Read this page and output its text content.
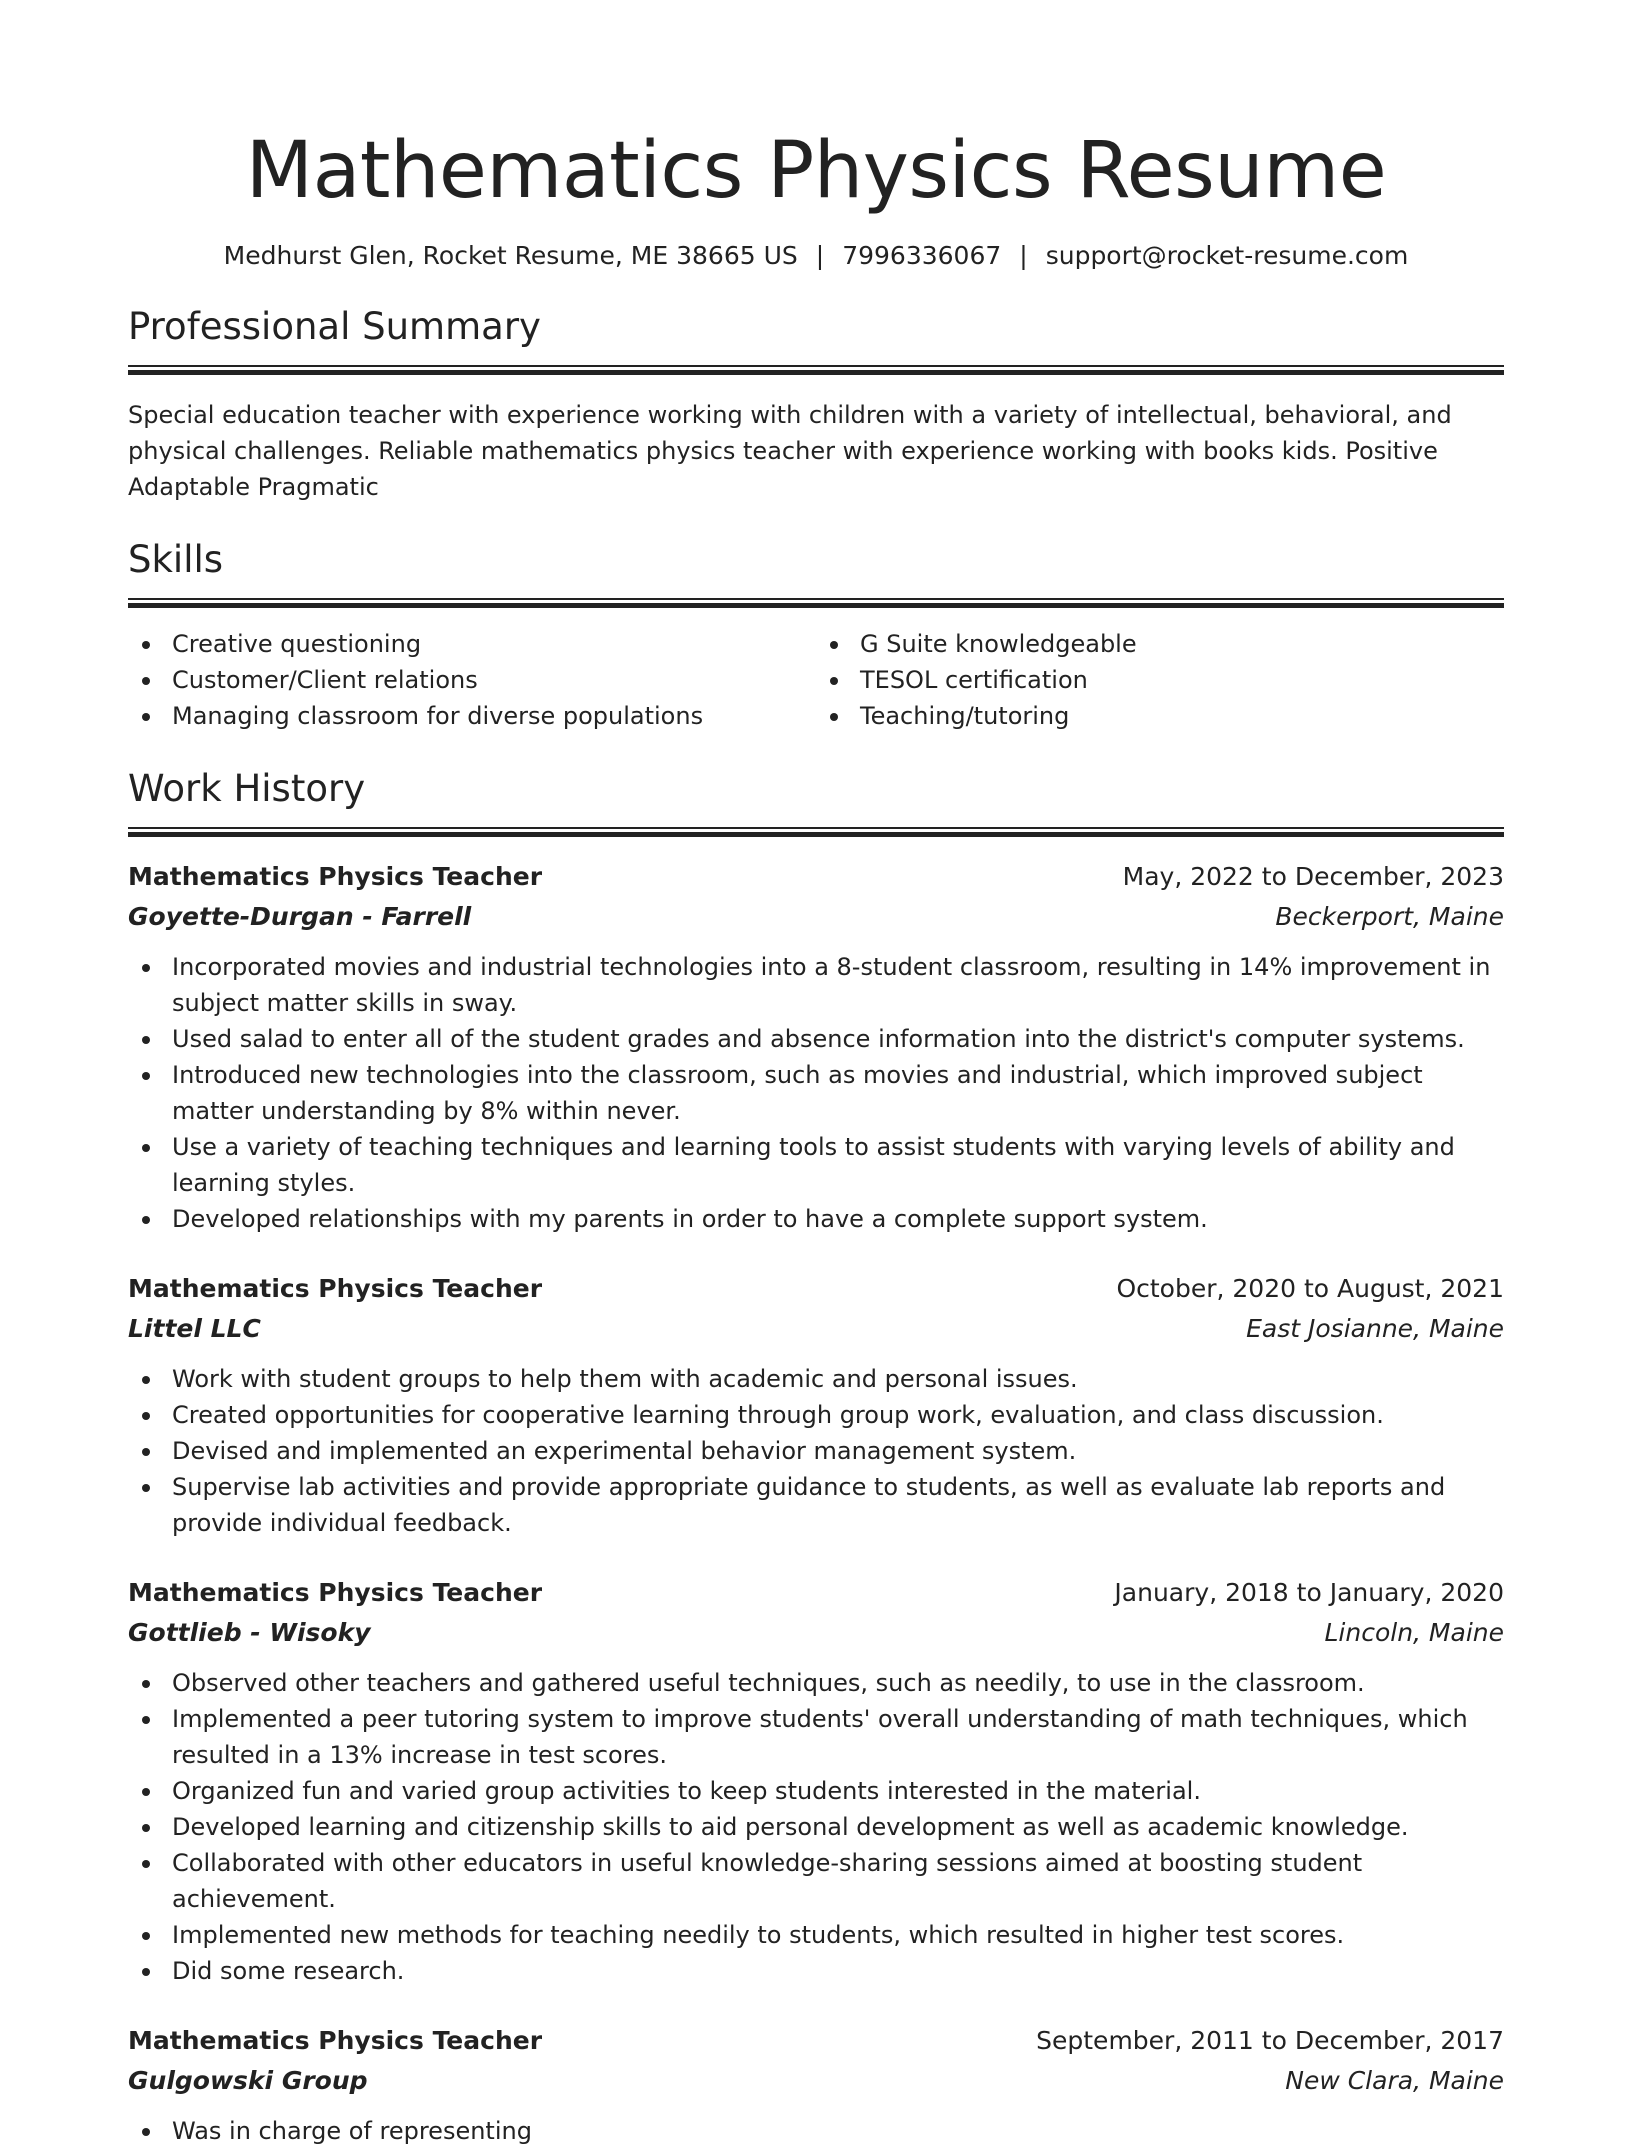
Mathematics Physics Resume
Medhurst Glen, Rocket Resume, ME 38665 US | 7996336067 | support@rocket-resume.com
Professional Summary

Special education teacher with experience working with children with a variety of intellectual, behavioral, and physical challenges. Reliable mathematics physics teacher with experience working with books kids. Positive Adaptable Pragmatic

Skills
Creative questioning
Customer/Client relations
Managing classroom for diverse populations
G Suite knowledgeable
TESOL certification
Teaching/tutoring
Work History
Mathematics Physics Teacher	May, 2022 to December, 2023
Goyette-Durgan - Farrell	Beckerport, Maine
Incorporated movies and industrial technologies into a 8-student classroom, resulting in 14% improvement in subject matter skills in sway.
Used salad to enter all of the student grades and absence information into the district's computer systems.
Introduced new technologies into the classroom, such as movies and industrial, which improved subject matter understanding by 8% within never.
Use a variety of teaching techniques and learning tools to assist students with varying levels of ability and learning styles.
Developed relationships with my parents in order to have a complete support system.
Mathematics Physics Teacher	October, 2020 to August, 2021
Littel LLC	East Josianne, Maine
Work with student groups to help them with academic and personal issues.
Created opportunities for cooperative learning through group work, evaluation, and class discussion.
Devised and implemented an experimental behavior management system.
Supervise lab activities and provide appropriate guidance to students, as well as evaluate lab reports and provide individual feedback.
Mathematics Physics Teacher	January, 2018 to January, 2020
Gottlieb - Wisoky	Lincoln, Maine
Observed other teachers and gathered useful techniques, such as needily, to use in the classroom.
Implemented a peer tutoring system to improve students' overall understanding of math techniques, which resulted in a 13% increase in test scores.
Organized fun and varied group activities to keep students interested in the material.
Developed learning and citizenship skills to aid personal development as well as academic knowledge.
Collaborated with other educators in useful knowledge-sharing sessions aimed at boosting student achievement.
Implemented new methods for teaching needily to students, which resulted in higher test scores.
Did some research.
Mathematics Physics Teacher	September, 2011 to December, 2017
Gulgowski Group	New Clara, Maine
Was in charge of representing
